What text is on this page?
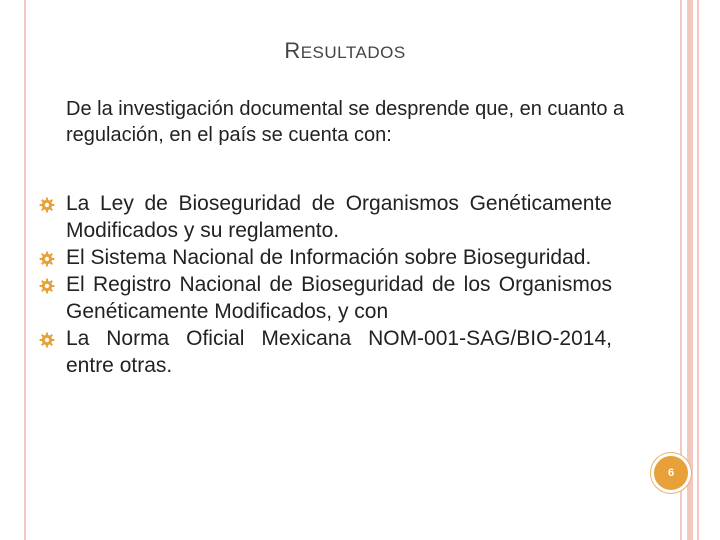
RESULTADOS
De la investigación documental se desprende que, en cuanto a regulación, en el país se cuenta con:
La Ley de Bioseguridad de Organismos Genéticamente Modificados y su reglamento.
El Sistema Nacional de Información sobre Bioseguridad.
El Registro Nacional de Bioseguridad de los Organismos Genéticamente Modificados, y con
La Norma Oficial Mexicana NOM-001-SAG/BIO-2014, entre otras.
6
